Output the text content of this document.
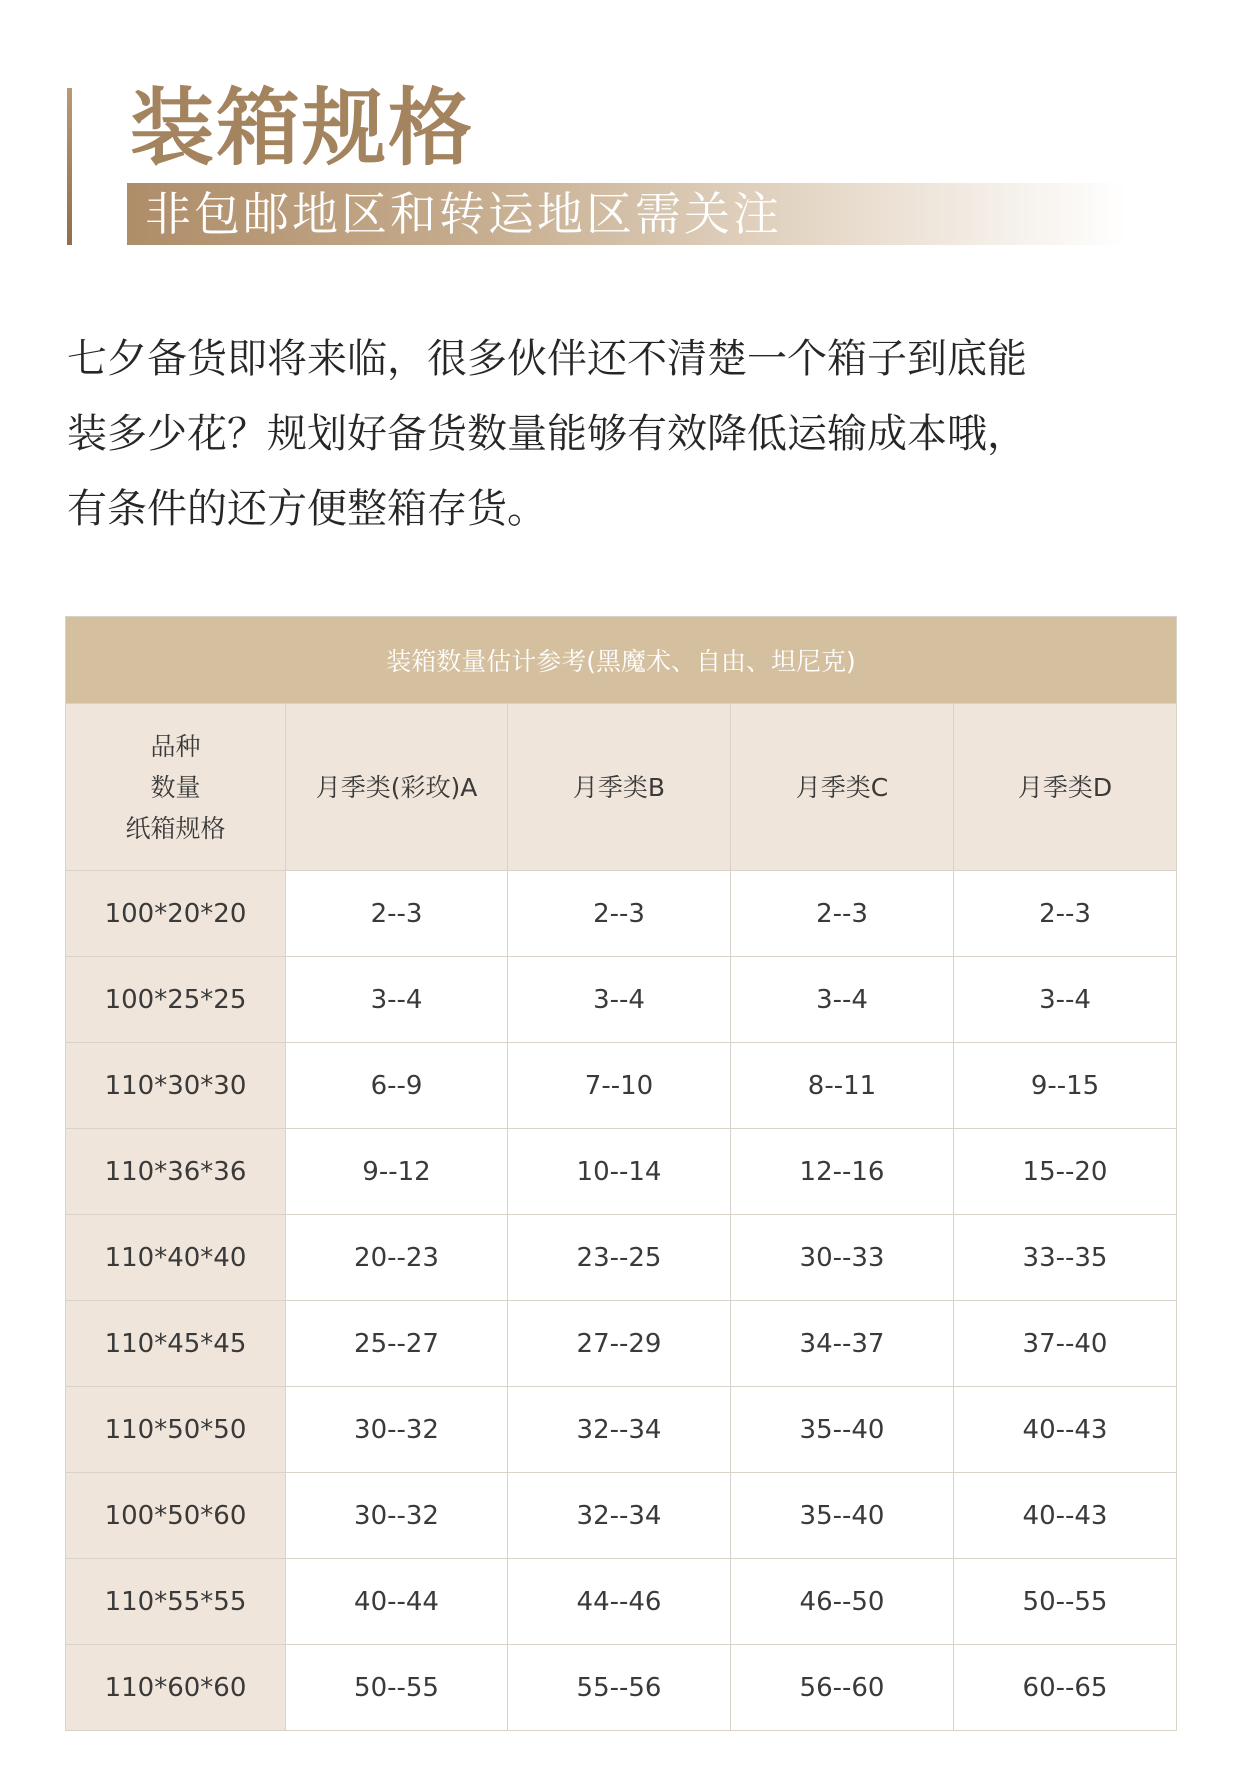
装箱规格
非包邮地区和转运地区需关注
七夕备货即将来临，很多伙伴还不清楚一个箱子到底能
装多少花？规划好备货数量能够有效降低运输成本哦，
有条件的还方便整箱存货。
装箱数量估计参考(黑魔术、自由、坦尼克)				

品种
数量
纸箱规格	月季类(彩玫)A	月季类B	月季类C	月季类D
100*20*20	2--3	2--3	2--3	2--3
100*25*25	3--4	3--4	3--4	3--4
110*30*30	6--9	7--10	8--11	9--15
110*36*36	9--12	10--14	12--16	15--20
110*40*40	20--23	23--25	30--33	33--35
110*45*45	25--27	27--29	34--37	37--40
110*50*50	30--32	32--34	35--40	40--43
100*50*60	30--32	32--34	35--40	40--43
110*55*55	40--44	44--46	46--50	50--55
110*60*60	50--55	55--56	56--60	60--65
